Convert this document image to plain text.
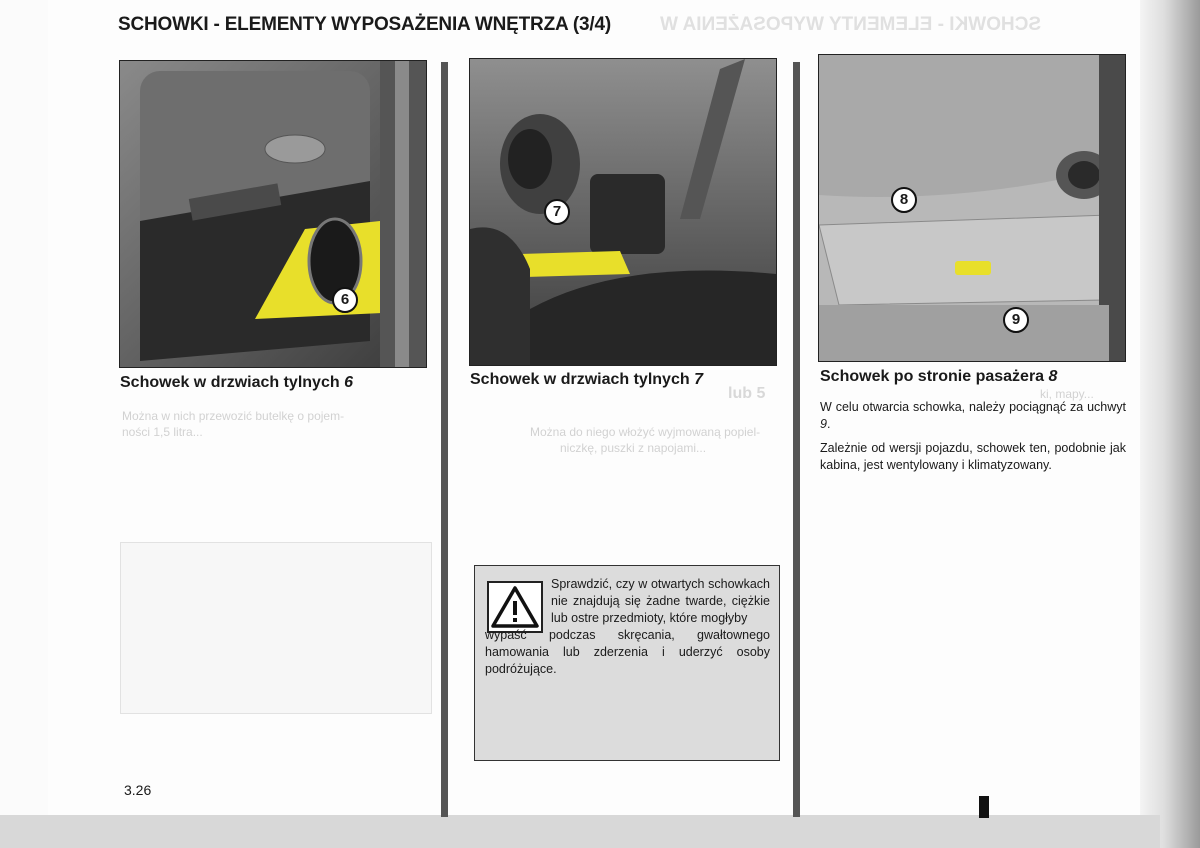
SCHOWKI - ELEMENTY WYPOSAŻENIA W
Można w nich przewozić butelkę o pojem-
ności 1,5 litra...
lub 5
Można do niego włożyć wyjmowaną popiel-
niczkę, puszki z napojami...
ki, mapy...
SCHOWKI - ELEMENTY WYPOSAŻENIA WNĘTRZA (3/4)
6
7
8
9
Schowek w drzwiach tylnych 6	Schowek w drzwiach tylnych 7	Schowek po stronie pasażera 8

W celu otwarcia schowka, należy pociągnąć za uchwyt 9.

Zależnie od wersji pojazdu, schowek ten, podobnie jak kabina, jest wentylowany i klimatyzowany.

Sprawdzić, czy w otwartych schowkach nie znajdują się żadne twarde, ciężkie lub ostre przedmioty, które mogłyby
wypaść podczas skręcania, gwałtownego hamowania lub zderzenia i uderzyć osoby podróżujące.

3.26
